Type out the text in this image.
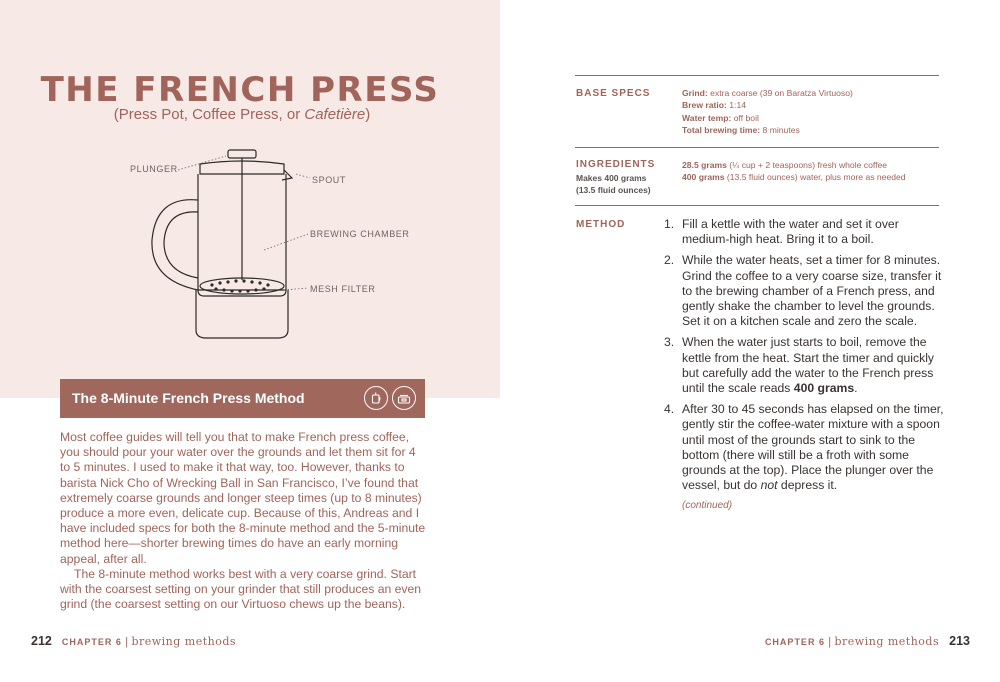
THE FRENCH PRESS
(Press Pot, Coffee Press, or Cafetière)
PLUNGER
SPOUT
BREWING CHAMBER
MESH FILTER
The 8-Minute French Press Method

Most coffee guides will tell you that to make French press coffee, you should pour your water over the grounds and let them sit for 4 to 5 minutes. I used to make it that way, too. However, thanks to barista Nick Cho of Wrecking Ball in San Francisco, I’ve found that extremely coarse grounds and longer steep times (up to 8 minutes) produce a more even, delicate cup. Because of this, Andreas and I have included specs for both the 8-minute method and the 5-minute method here—shorter brewing times do have an early morning appeal, after all.

The 8-minute method works best with a very coarse grind. Start with the coarsest setting on your grinder that still produces an even grind (the coarsest setting on our Virtuoso chews up the beans).

212 CHAPTER 6 | brewing methods
BASE SPECS	Grind: extra coarse (39 on Baratza Virtuoso)
Brew ratio: 1:14
Water temp: off boil
Total brewing time: 8 minutes
INGREDIENTS
Makes 400 grams
(13.5 fluid ounces)
28.5 grams (¼ cup + 2 teaspoons) fresh whole coffee
400 grams (13.5 fluid ounces) water, plus more as needed
METHOD	1. Fill a kettle with the water and set it over medium-high heat. Bring it to a boil.
2. While the water heats, set a timer for 8 minutes. Grind the coffee to a very coarse size, transfer it to the brewing chamber of a French press, and gently shake the chamber to level the grounds. Set it on a kitchen scale and zero the scale.
3. When the water just starts to boil, remove the kettle from the heat. Start the timer and quickly but carefully add the water to the French press until the scale reads 400 grams.
4. After 30 to 45 seconds has elapsed on the timer, gently stir the coffee-water mixture with a spoon until most of the grounds start to sink to the bottom (there will still be a froth with some grounds at the top). Place the plunger over the vessel, but do not depress it.
(continued)
CHAPTER 6 | brewing methods 213
